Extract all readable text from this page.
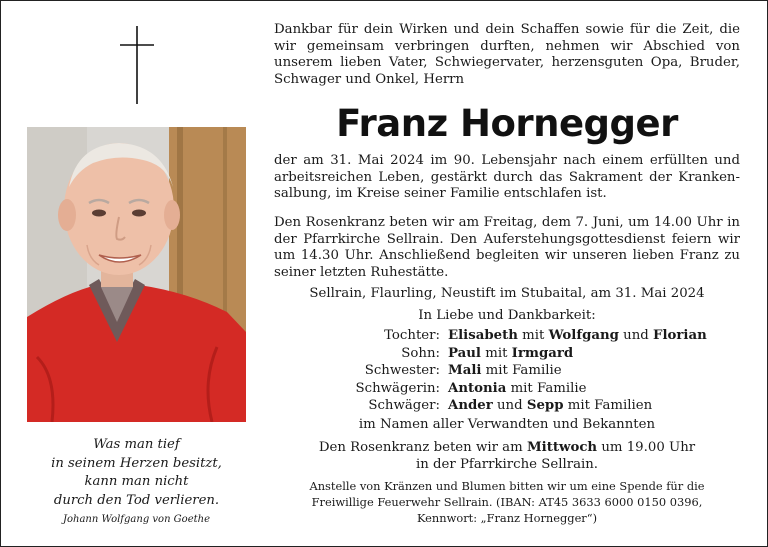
Was man tief
in seinem Herzen besitzt,
kann man nicht
durch den Tod verlieren.
Johann Wolfgang von Goethe
Dankbar für dein Wirken und dein Schaffen sowie für die Zeit, die wir gemeinsam verbringen durften, nehmen wir Abschied von unserem lieben Vater, Schwiegervater, herzensguten Opa, Bruder, Schwager und Onkel, Herrn
Franz Hornegger
der am 31. Mai 2024 im 90. Lebensjahr nach einem erfüllten und arbeitsreichen Leben, gestärkt durch das Sakrament der Kranken-salbung, im Kreise seiner Familie entschlafen ist.
Den Rosenkranz beten wir am Freitag, dem 7. Juni, um 14.00 Uhr in der Pfarrkirche Sellrain. Den Auferstehungsgottesdienst feiern wir um 14.30 Uhr. Anschließend begleiten wir unseren lieben Franz zu seiner letzten Ruhestätte.
Sellrain, Flaurling, Neustift im Stubaital, am 31. Mai 2024
In Liebe und Dankbarkeit:
Tochter: Elisabeth mit Wolfgang und Florian
Sohn: Paul mit Irmgard
Schwester: Mali mit Familie
Schwägerin: Antonia mit Familie
Schwäger: Ander und Sepp mit Familien
im Namen aller Verwandten und Bekannten
Den Rosenkranz beten wir am Mittwoch um 19.00 Uhr
in der Pfarrkirche Sellrain.
Anstelle von Kränzen und Blumen bitten wir um eine Spende für die
Freiwillige Feuerwehr Sellrain. (IBAN: AT45 3633 6000 0150 0396,
Kennwort: „Franz Hornegger“)
